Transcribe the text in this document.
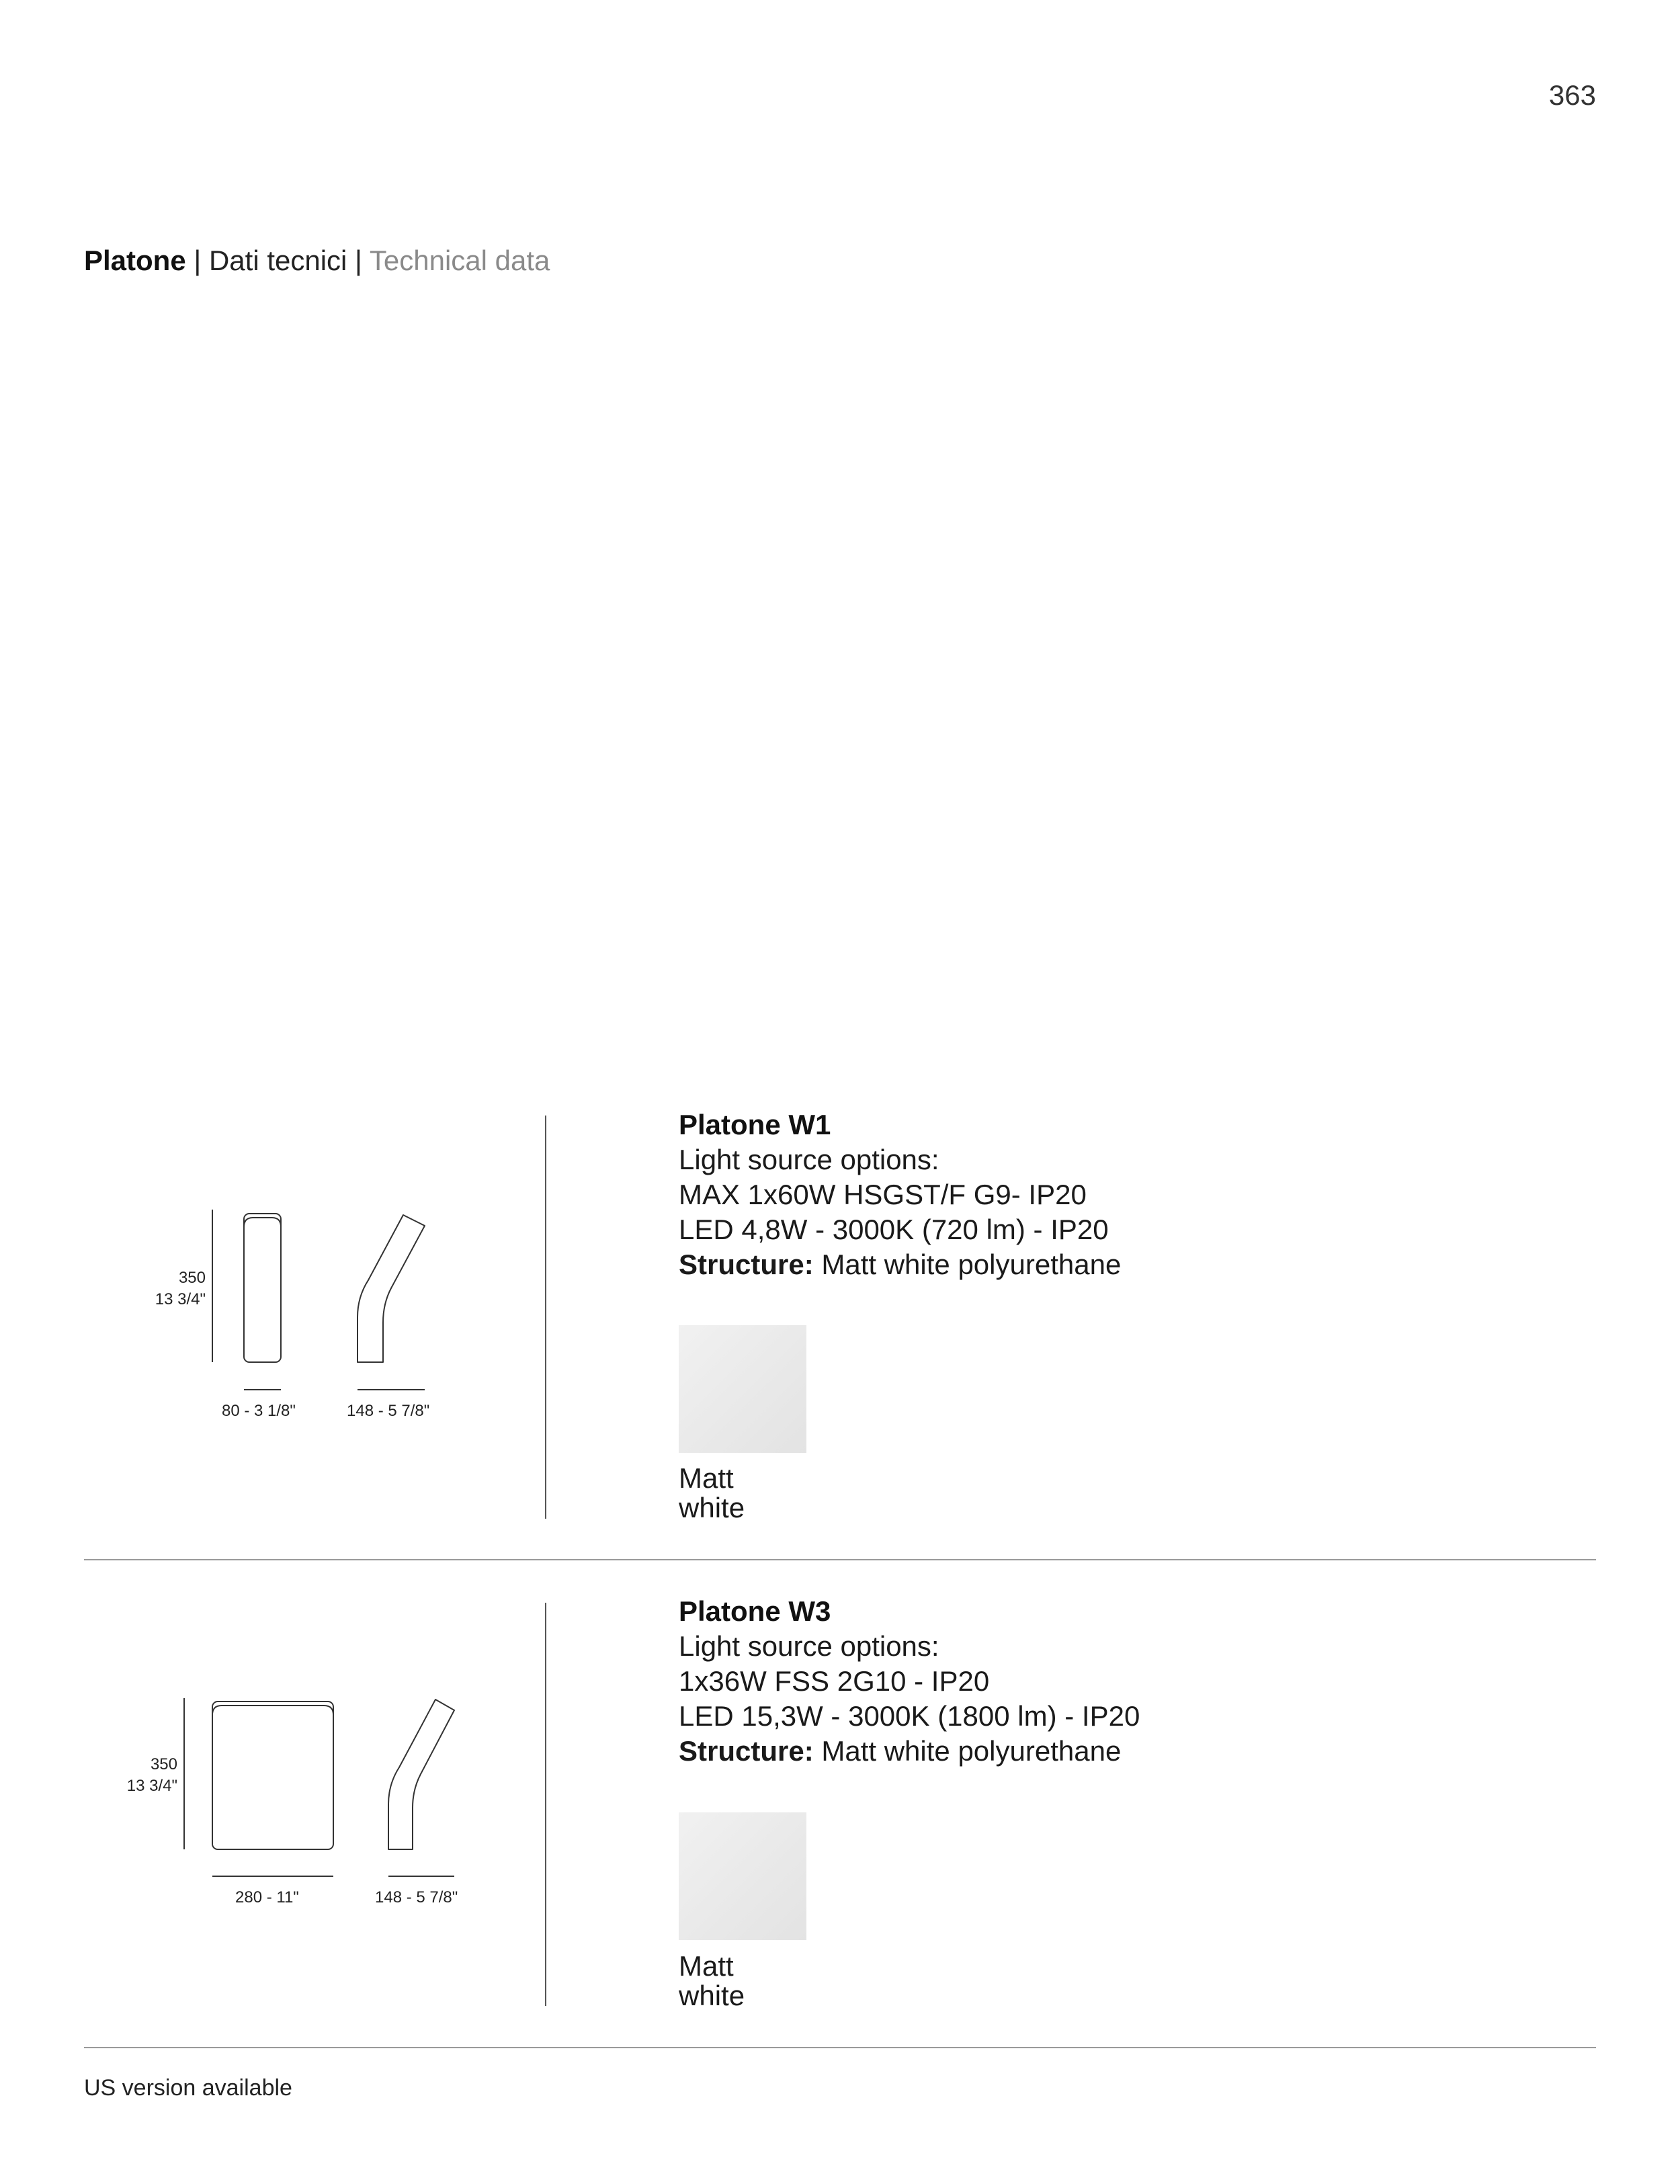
363
Platone | Dati tecnici | Technical data
350
13 3/4"
80 - 3 1/8"	148 - 5 7/8"
Platone W1
Light source options:
MAX 1x60W HSGST/F G9- IP20
LED 4,8W - 3000K (720 lm) - IP20
Structure: Matt white polyurethane
Matt
white
350
13 3/4"
280 - 11"	148 - 5 7/8"
Platone W3
Light source options:
1x36W FSS 2G10 - IP20
LED 15,3W - 3000K (1800 lm) - IP20
Structure: Matt white polyurethane
Matt
white
US version available
